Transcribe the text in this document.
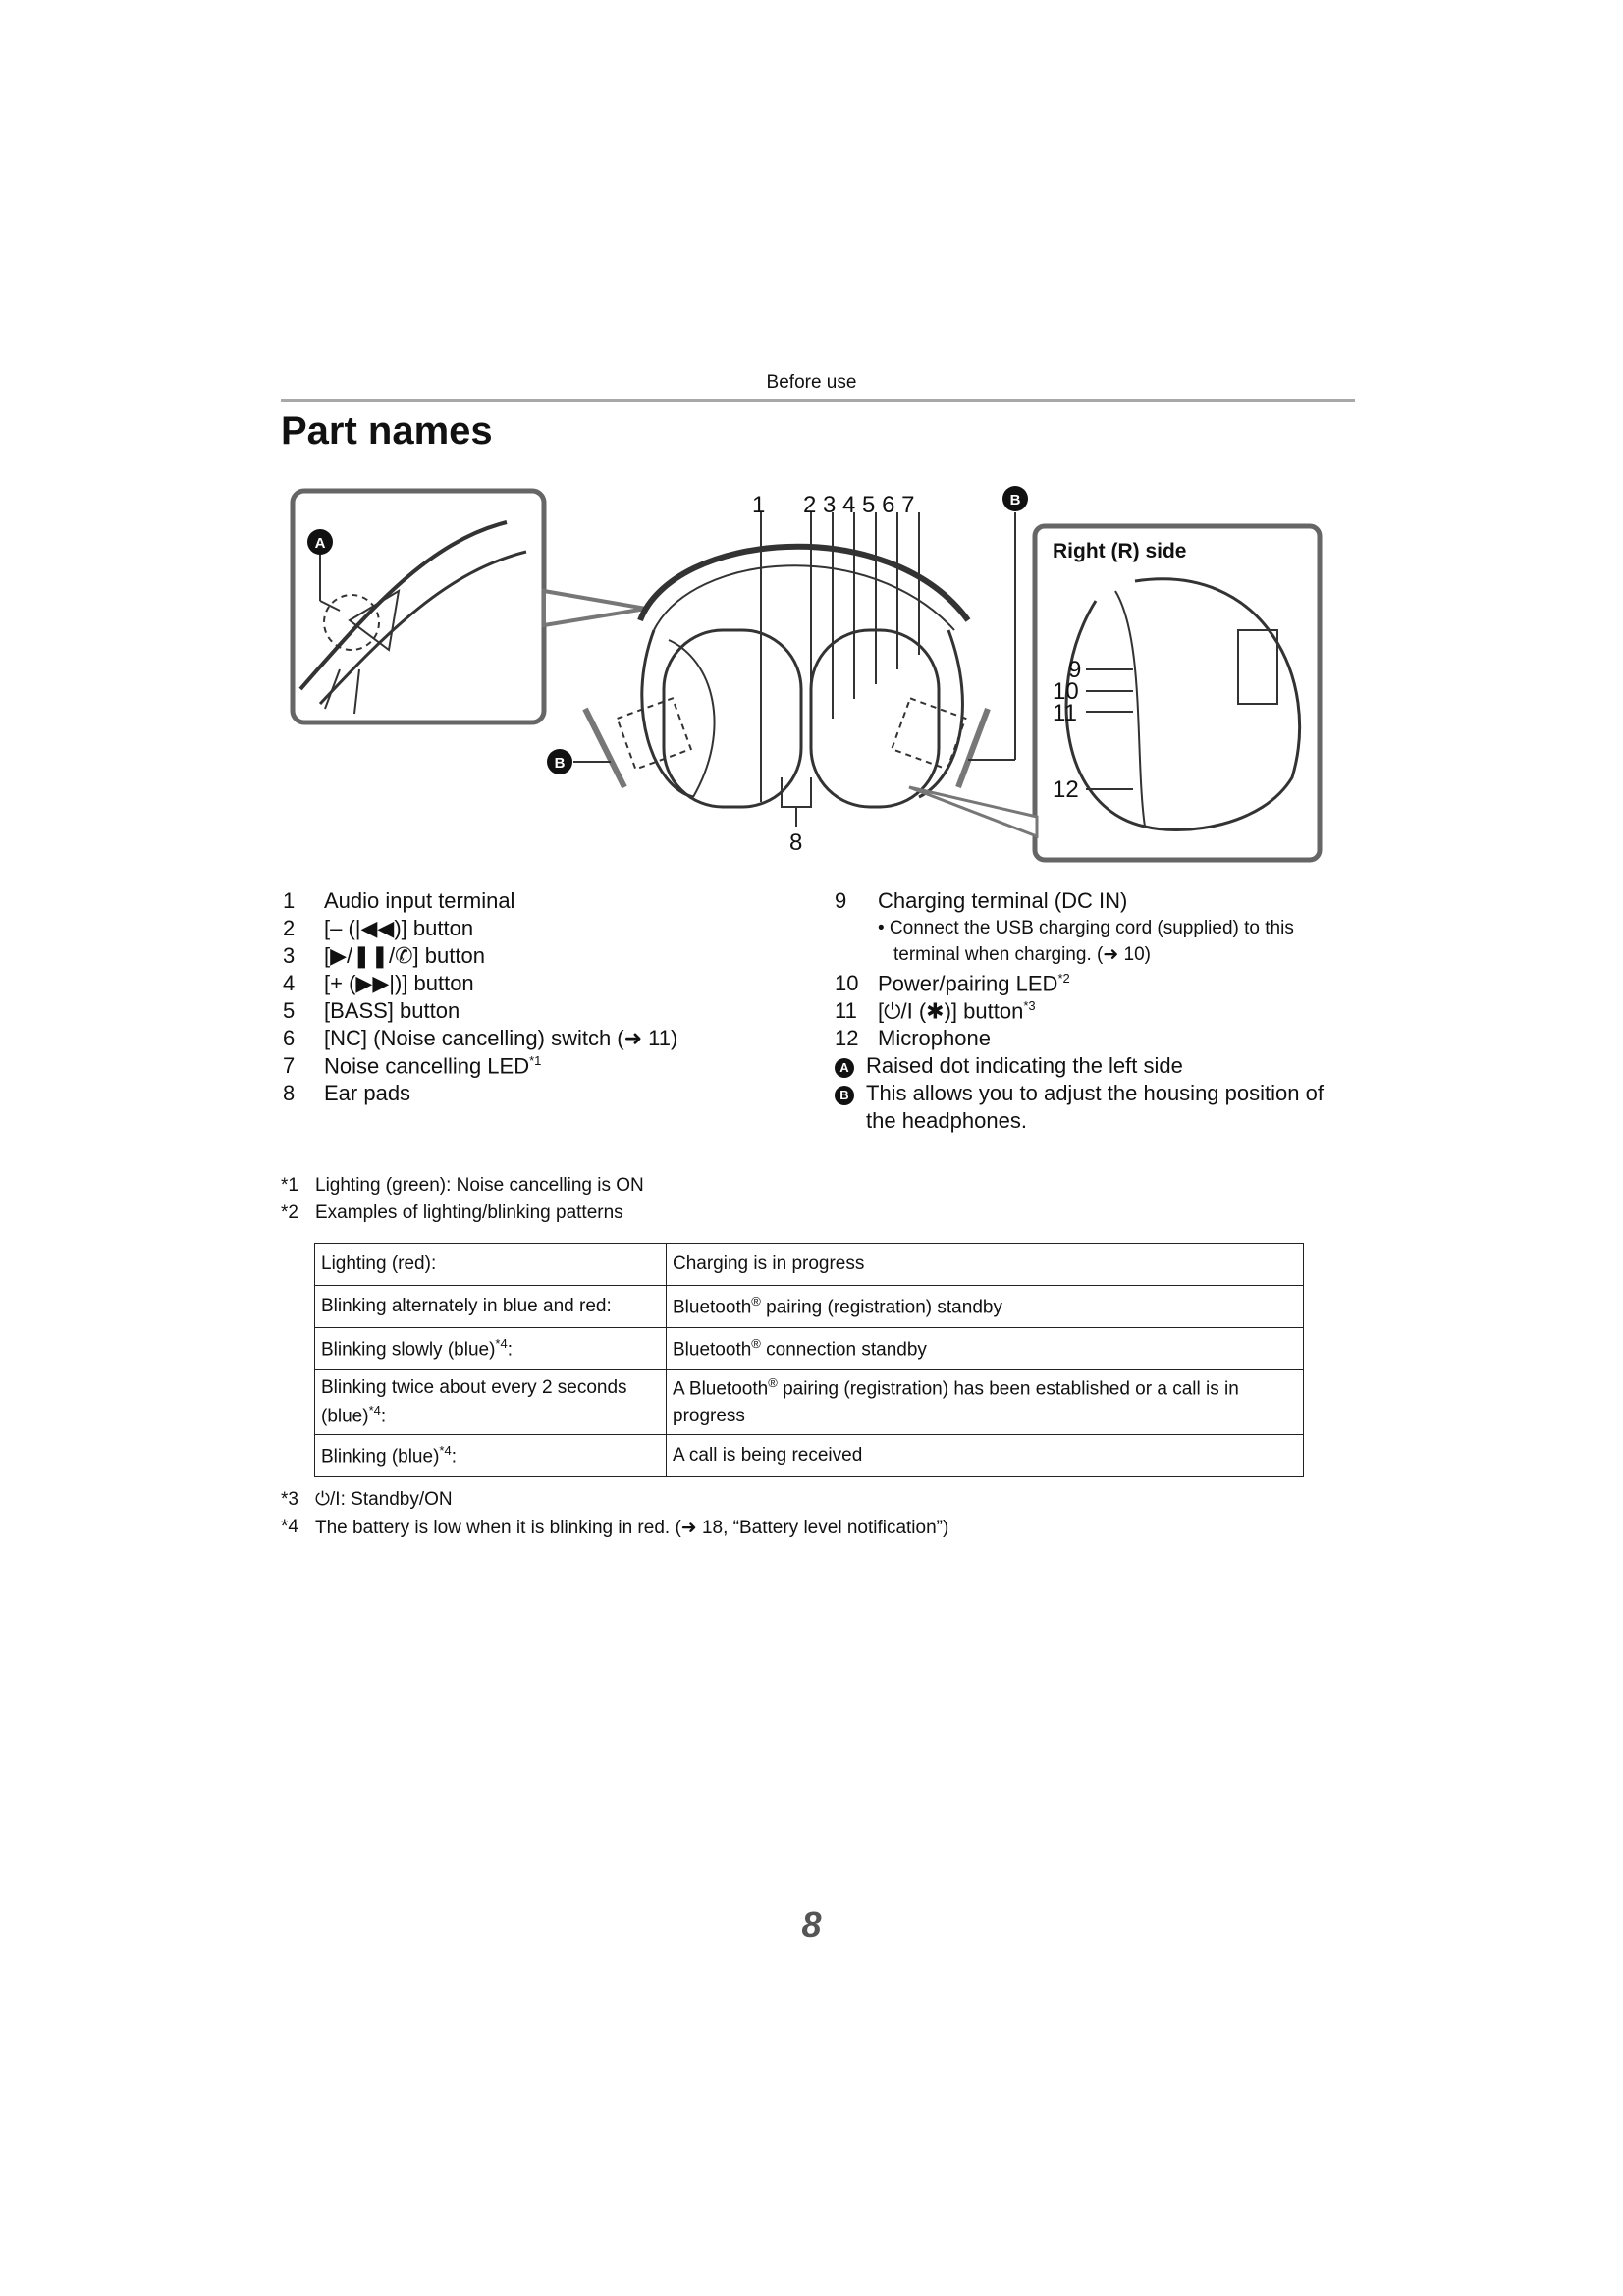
Before use
Part names
A
B
B
1 2 3 4 5 6 7
8
Right (R) side
9
10
11
12
1 Audio input terminal
2 [– (|◀◀)] button
3 [▶/❚❚/✆] button
4 [+ (▶▶|)] button
5 [BASS] button
6 [NC] (Noise cancelling) switch (➜ 11)
7 Noise cancelling LED$^{*1}$
8 Ear pads
9 Charging terminal (DC IN)
• Connect the USB charging cord (supplied) to this
terminal when charging. (➜ 10)
10 Power/pairing LED$^{*2}$
11 [⏻/I (✱)] button$^{*3}$
12 Microphone
A Raised dot indicating the left side
B This allows you to adjust the housing position of
the headphones.
*1 Lighting (green): Noise cancelling is ON
*2 Examples of lighting/blinking patterns
Lighting (red):	Charging is in progress
Blinking alternately in blue and red:	Bluetooth® pairing (registration) standby
Blinking slowly (blue)$^{*4}$:	Bluetooth® connection standby
Blinking twice about every 2 seconds (blue)$^{*4}$:	A Bluetooth® pairing (registration) has been established or a call is in progress
Blinking (blue)$^{*4}$:	A call is being received
*3 ⏻/I: Standby/ON
*4 The battery is low when it is blinking in red. (➜ 18, “Battery level notification”)
8
